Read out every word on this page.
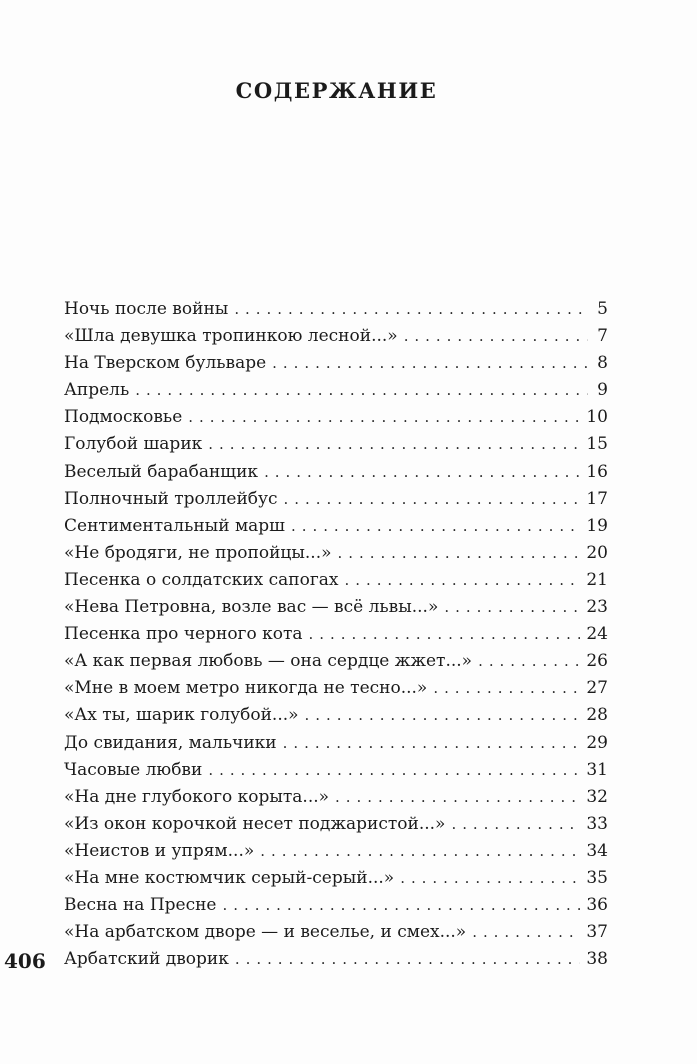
СОДЕРЖАНИЕ
Ночь после войны . . .	5
«Шла девушка тропинкою лесной...» . . .	7
На Тверском бульваре . . .	8
Апрель . . .	9
Подмосковье . . .	10
Голубой шарик . . .	15
Веселый барабанщик . . .	16
Полночный троллейбус . . .	17
Сентиментальный марш . . .	19
«Не бродяги, не пропойцы...» . . .	20
Песенка о солдатских сапогах . . .	21
«Нева Петровна, возле вас — всё львы...» . . .	23
Песенка про черного кота . . .	24
«А как первая любовь — она сердце жжет...» . . .	26
«Мне в моем метро никогда не тесно...» . . .	27
«Ах ты, шарик голубой...» . . .	28
До свидания, мальчики . . .	29
Часовые любви . . .	31
«На дне глубокого корыта...» . . .	32
«Из окон корочкой несет поджаристой...» . . .	33
«Неистов и упрям...» . . .	34
«На мне костюмчик серый-серый...» . . .	35
Весна на Пресне . . .	36
«На арбатском дворе — и веселье, и смех...» . . .	37
Арбатский дворик . . .	38
406
